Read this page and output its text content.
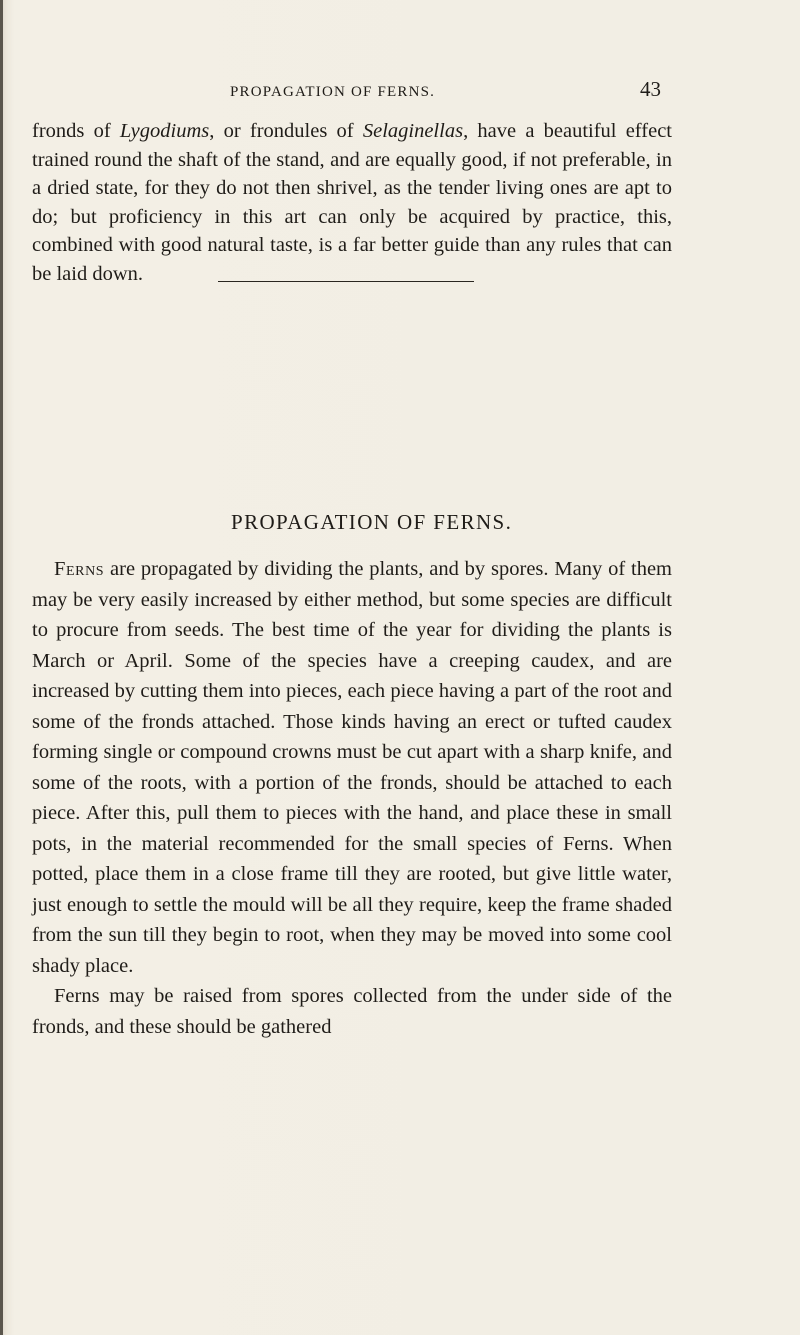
PROPAGATION OF FERNS.	43

fronds of Lygodiums, or frondules of Selaginellas, have a beautiful effect trained round the shaft of the stand, and are equally good, if not preferable, in a dried state, for they do not then shrivel, as the tender living ones are apt to do; but proficiency in this art can only be acquired by practice, this, combined with good natural taste, is a far better guide than any rules that can be laid down.

PROPAGATION OF FERNS.

Ferns are propagated by dividing the plants, and by spores. Many of them may be very easily increased by either method, but some species are difficult to procure from seeds. The best time of the year for dividing the plants is March or April. Some of the species have a creeping caudex, and are increased by cutting them into pieces, each piece having a part of the root and some of the fronds attached. Those kinds having an erect or tufted caudex forming single or compound crowns must be cut apart with a sharp knife, and some of the roots, with a portion of the fronds, should be attached to each piece. After this, pull them to pieces with the hand, and place these in small pots, in the material recommended for the small species of Ferns. When potted, place them in a close frame till they are rooted, but give little water, just enough to settle the mould will be all they require, keep the frame shaded from the sun till they begin to root, when they may be moved into some cool shady place.

Ferns may be raised from spores collected from the under side of the fronds, and these should be gathered
